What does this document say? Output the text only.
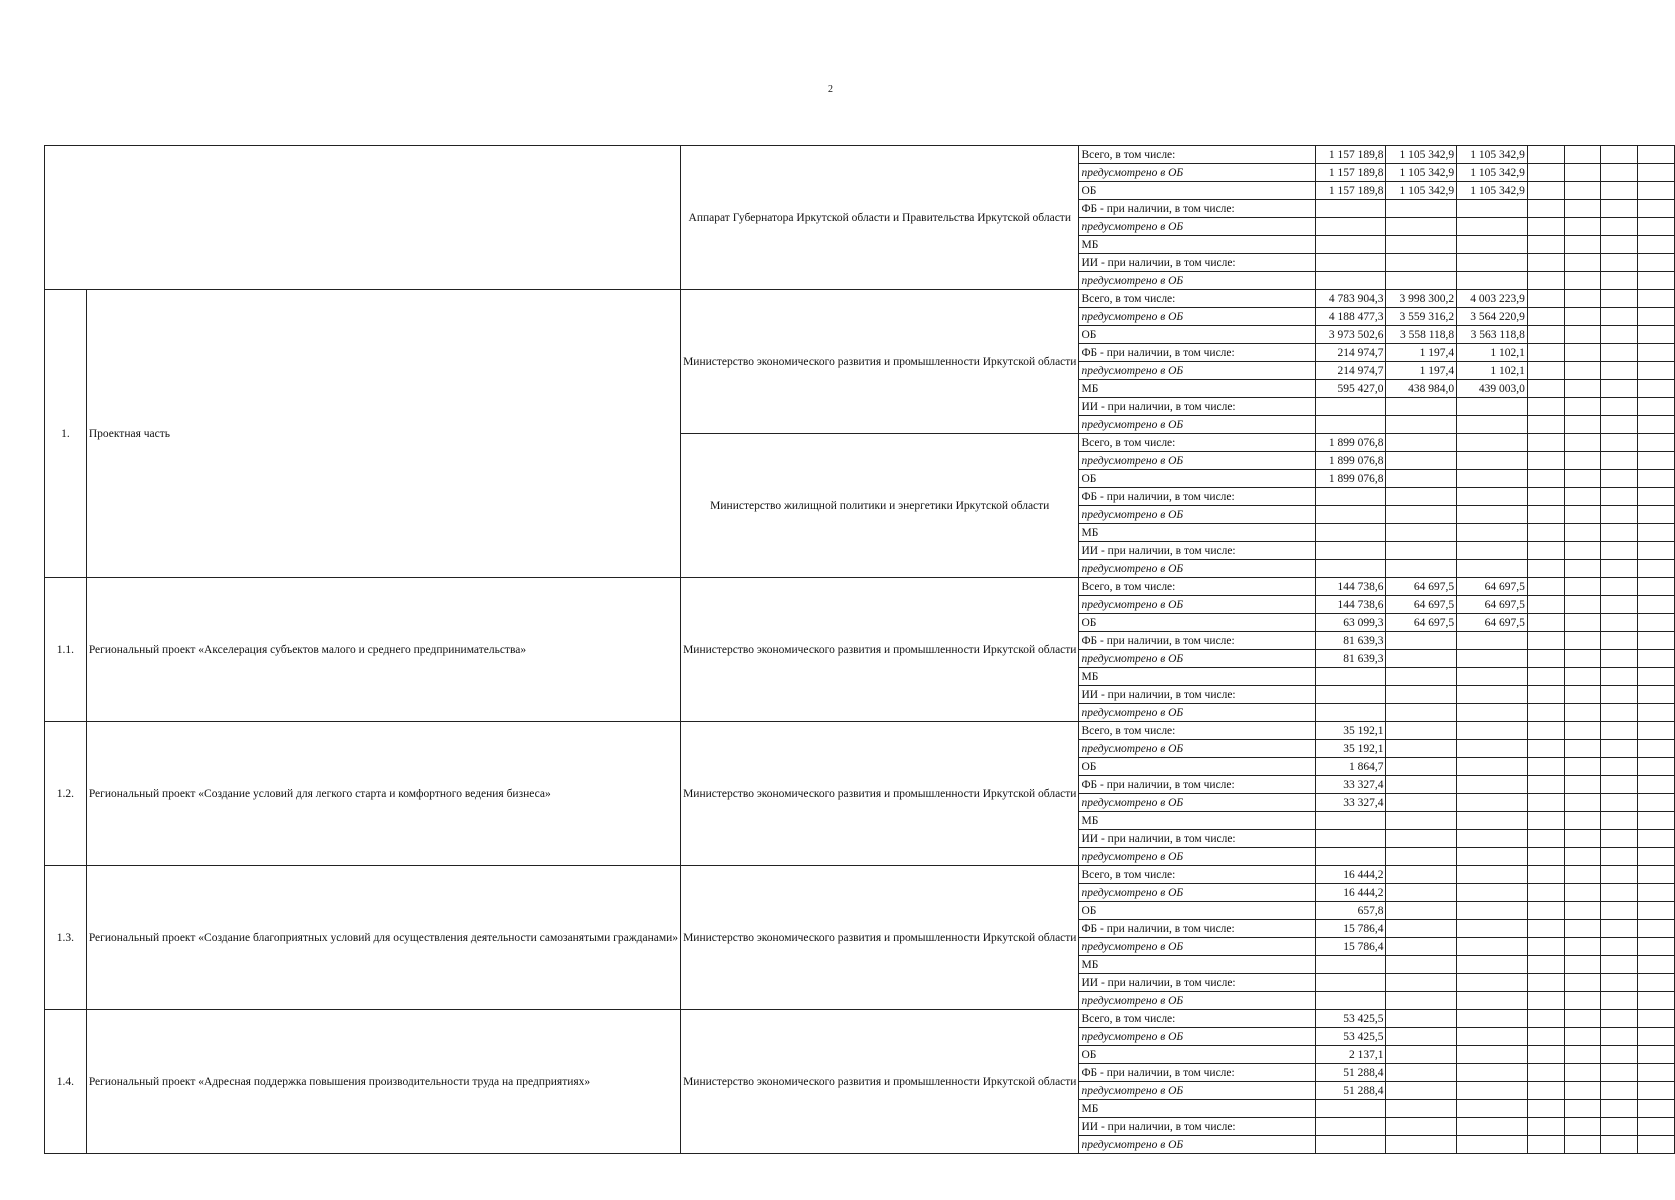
2
		Аппарат Губернатора Иркутской области и Правительства Иркутской области	Всего, в том числе:	1 157 189,8	1 105 342,9	1 105 342,9				
			предусмотрено в ОБ	1 157 189,8	1 105 342,9	1 105 342,9				
			ОБ	1 157 189,8	1 105 342,9	1 105 342,9				
			ФБ - при наличии, в том числе:							
			предусмотрено в ОБ							
			МБ							
			ИИ - при наличии, в том числе:							
			предусмотрено в ОБ							
1.	Проектная часть	Министерство экономического развития и промышленности Иркутской области	Всего, в том числе:	4 783 904,3	3 998 300,2	4 003 223,9				
			предусмотрено в ОБ	4 188 477,3	3 559 316,2	3 564 220,9				
			ОБ	3 973 502,6	3 558 118,8	3 563 118,8				
			ФБ - при наличии, в том числе:	214 974,7	1 197,4	1 102,1				
			предусмотрено в ОБ	214 974,7	1 197,4	1 102,1				
			МБ	595 427,0	438 984,0	439 003,0				
			ИИ - при наличии, в том числе:							
			предусмотрено в ОБ							
		Министерство жилищной политики и энергетики Иркутской области	Всего, в том числе:	1 899 076,8						
			предусмотрено в ОБ	1 899 076,8						
			ОБ	1 899 076,8						
			ФБ - при наличии, в том числе:							
			предусмотрено в ОБ							
			МБ							
			ИИ - при наличии, в том числе:							
			предусмотрено в ОБ							
1.1.	Региональный проект «Акселерация субъектов малого и среднего предпринимательства»	Министерство экономического развития и промышленности Иркутской области	Всего, в том числе:	144 738,6	64 697,5	64 697,5				
			предусмотрено в ОБ	144 738,6	64 697,5	64 697,5				
			ОБ	63 099,3	64 697,5	64 697,5				
			ФБ - при наличии, в том числе:	81 639,3						
			предусмотрено в ОБ	81 639,3						
			МБ							
			ИИ - при наличии, в том числе:							
			предусмотрено в ОБ							
1.2.	Региональный проект «Создание условий для легкого старта и комфортного ведения бизнеса»	Министерство экономического развития и промышленности Иркутской области	Всего, в том числе:	35 192,1						
			предусмотрено в ОБ	35 192,1						
			ОБ	1 864,7						
			ФБ - при наличии, в том числе:	33 327,4						
			предусмотрено в ОБ	33 327,4						
			МБ							
			ИИ - при наличии, в том числе:							
			предусмотрено в ОБ							
1.3.	Региональный проект «Создание благоприятных условий для осуществления деятельности самозанятыми гражданами»	Министерство экономического развития и промышленности Иркутской области	Всего, в том числе:	16 444,2						
			предусмотрено в ОБ	16 444,2						
			ОБ	657,8						
			ФБ - при наличии, в том числе:	15 786,4						
			предусмотрено в ОБ	15 786,4						
			МБ							
			ИИ - при наличии, в том числе:							
			предусмотрено в ОБ							
1.4.	Региональный проект «Адресная поддержка повышения производительности труда на предприятиях»	Министерство экономического развития и промышленности Иркутской области	Всего, в том числе:	53 425,5						
			предусмотрено в ОБ	53 425,5						
			ОБ	2 137,1						
			ФБ - при наличии, в том числе:	51 288,4						
			предусмотрено в ОБ	51 288,4						
			МБ							
			ИИ - при наличии, в том числе:							
			предусмотрено в ОБ							
